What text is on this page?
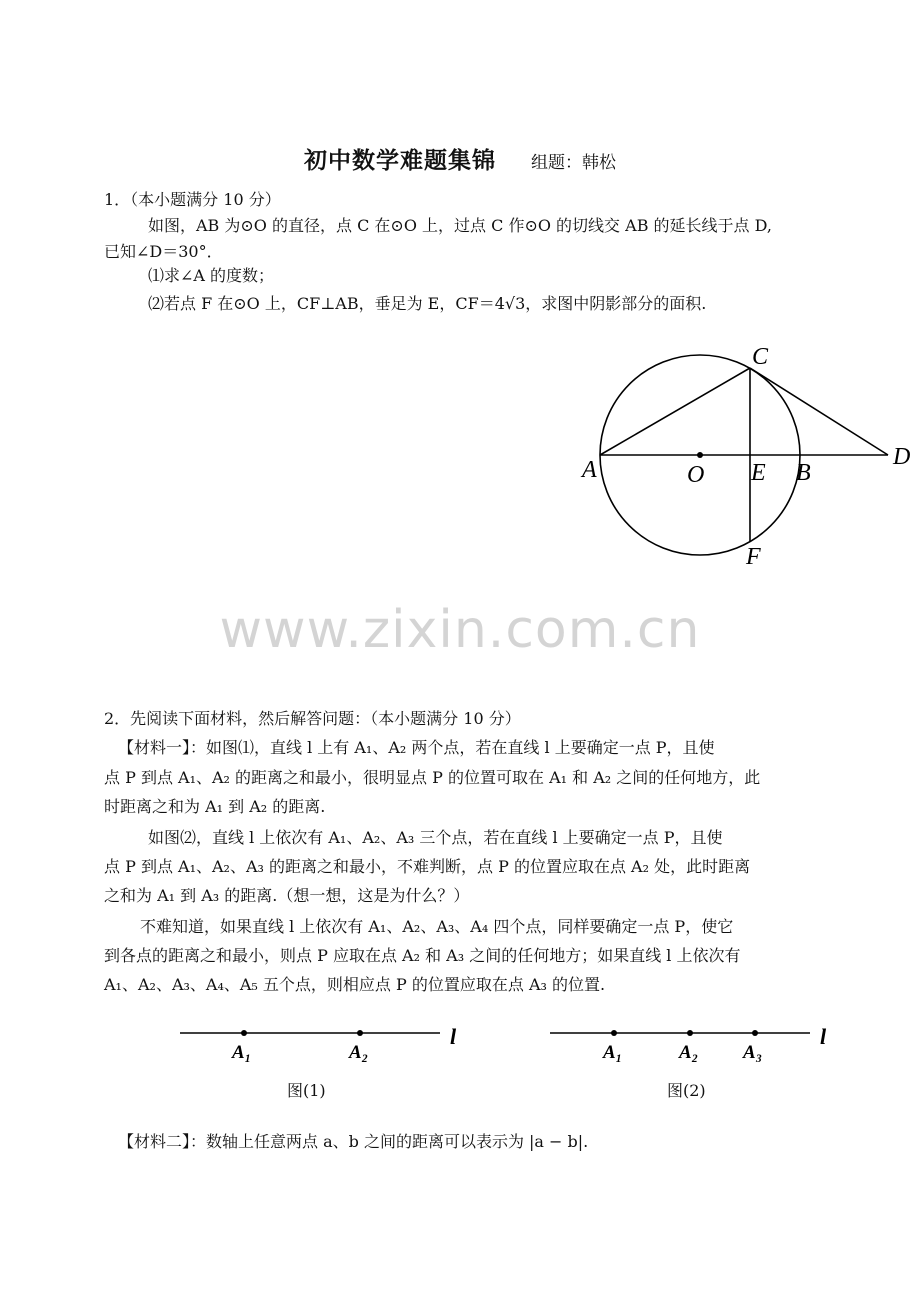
初中数学难题集锦 组题：韩松
1．（本小题满分 10 分）
如图，AB 为⊙O 的直径，点 C 在⊙O 上，过点 C 作⊙O 的切线交 AB 的延长线于点 D,
已知∠D＝30°．
⑴求∠A 的度数；
⑵若点 F 在⊙O 上，CF⊥AB，垂足为 E，CF＝4√3，求图中阴影部分的面积.
A	O E B
D
C
F
www.zixin.com.cn
2．先阅读下面材料，然后解答问题：（本小题满分 10 分）
【材料一】：如图⑴，直线 l 上有 A₁、A₂ 两个点，若在直线 l 上要确定一点 P，且使
点 P 到点 A₁、A₂ 的距离之和最小，很明显点 P 的位置可取在 A₁ 和 A₂ 之间的任何地方，此
时距离之和为 A₁ 到 A₂ 的距离.
如图⑵，直线 l 上依次有 A₁、A₂、A₃ 三个点，若在直线 l 上要确定一点 P，且使
点 P 到点 A₁、A₂、A₃ 的距离之和最小，不难判断，点 P 的位置应取在点 A₂ 处，此时距离
之和为 A₁ 到 A₃ 的距离.（想一想，这是为什么？）
不难知道，如果直线 l 上依次有 A₁、A₂、A₃、A₄ 四个点，同样要确定一点 P，使它
到各点的距离之和最小，则点 P 应取在点 A₂ 和 A₃ 之间的任何地方；如果直线 l 上依次有
A₁、A₂、A₃、A₄、A₅ 五个点，则相应点 P 的位置应取在点 A₃ 的位置.
A₁	A₂
l
图(1)
A₁	A₂ A₃
l
图(2)
【材料二】：数轴上任意两点 a、b 之间的距离可以表示为 |a − b|.
